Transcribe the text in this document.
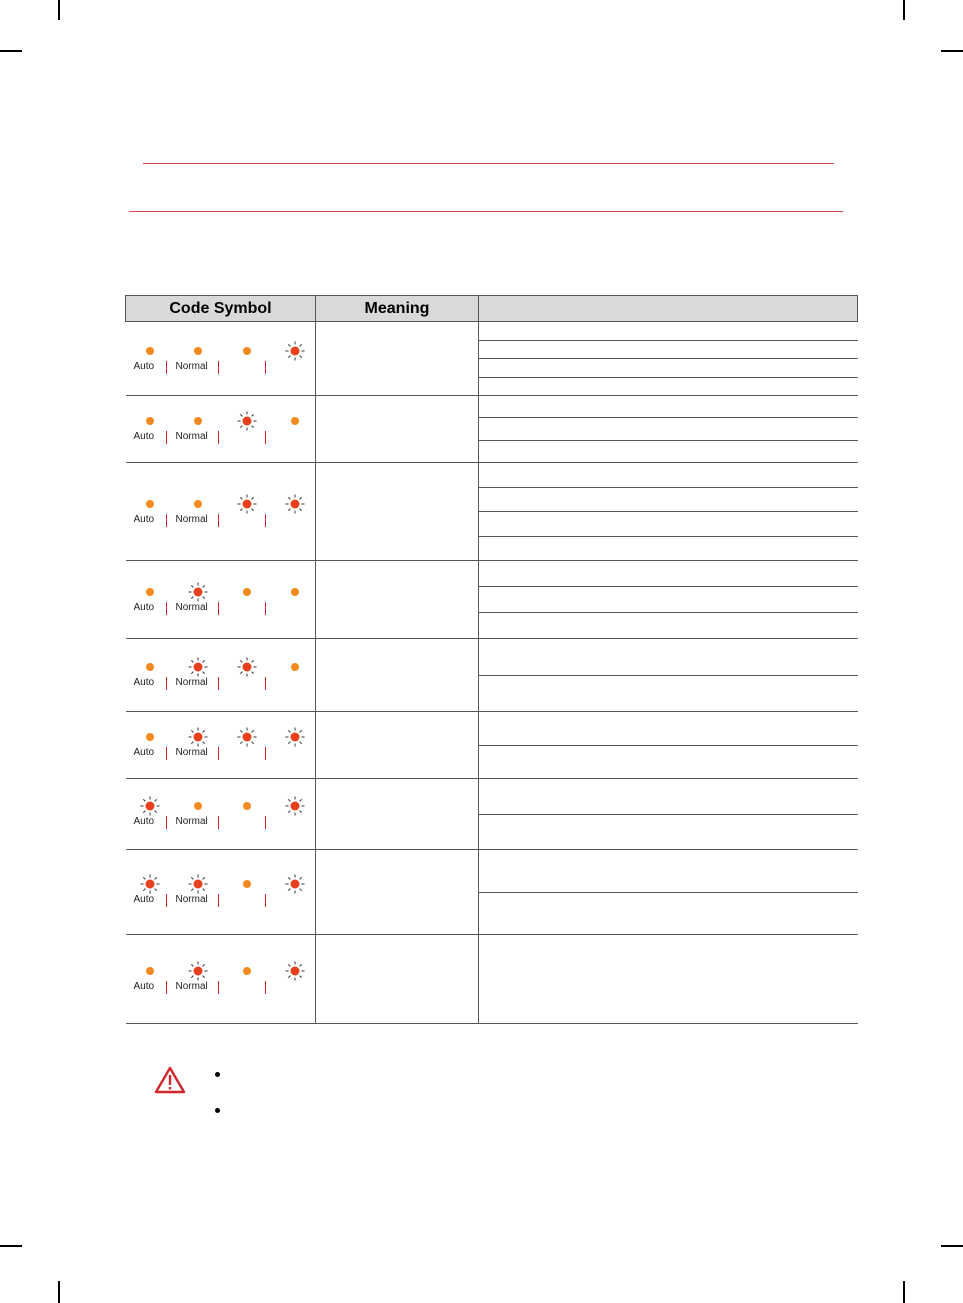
Code Symbol	Meaning	

Auto Normal		

Auto Normal		

Auto Normal		

Auto Normal		

Auto Normal		

Auto Normal		

Auto Normal		

Auto Normal		

Auto Normal		
